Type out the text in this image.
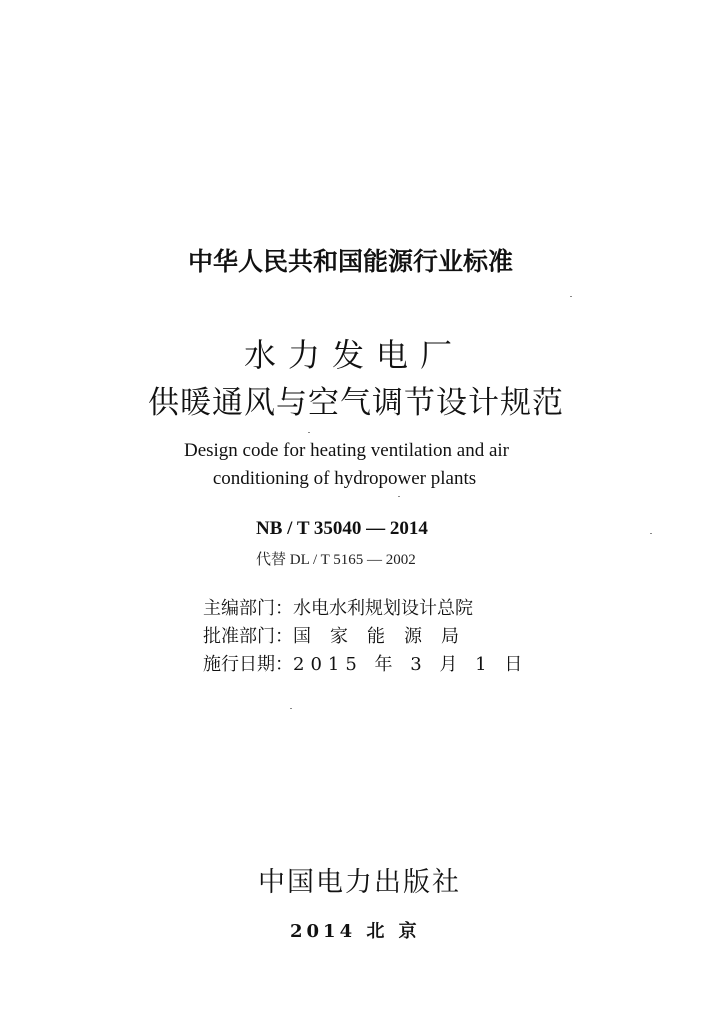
中华人民共和国能源行业标准
水力发电厂
供暖通风与空气调节设计规范
Design code for heating ventilation and air
conditioning of hydropower plants
NB / T 35040 — 2014
代替 DL / T 5165 — 2002
主编部门： 水电水利规划设计总院
批准部门： 国家能源局
施行日期： 2015 年 3 月 1 日
中国电力出版社
2014 北 京
